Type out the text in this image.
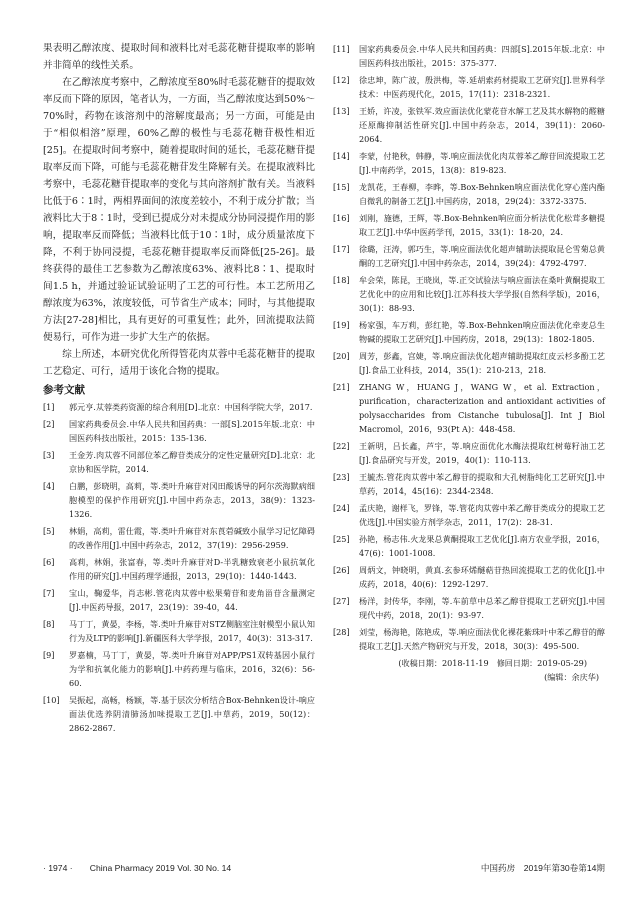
果表明乙醇浓度、提取时间和液料比对毛蕊花糖苷提取率的影响并非简单的线性关系。

在乙醇浓度考察中，乙醇浓度至80%时毛蕊花糖苷的提取效率反而下降的原因，笔者认为，一方面，当乙醇浓度达到50%～70%时，药物在该溶剂中的溶解度最高；另一方面，可能是由于“相似相溶”原理，60%乙醇的极性与毛蕊花糖苷极性相近[25]。在提取时间考察中，随着提取时间的延长，毛蕊花糖苷提取率反而下降，可能与毛蕊花糖苷发生降解有关。在提取液料比考察中，毛蕊花糖苷提取率的变化与其向溶剂扩散有关。当液料比低于6∶1时，两相界面间的浓度差较小，不利于成分扩散；当液料比大于8∶1时，受到已提成分对未提成分协同浸提作用的影响，提取率反而降低；当液料比低于10∶1时，成分质量浓度下降，不利于协同浸提，毛蕊花糖苷提取率反而降低[25-26]。最终获得的最佳工艺参数为乙醇浓度63%、液料比8∶1、提取时间1.5 h，并通过验证试验证明了工艺的可行性。本工艺所用乙醇浓度为63%，浓度较低，可节省生产成本；同时，与其他提取方法[27-28]相比，具有更好的可重复性；此外，回流提取法简便易行，可作为进一步扩大生产的依据。

综上所述，本研究优化所得管花肉苁蓉中毛蕊花糖苷的提取工艺稳定、可行，适用于该化合物的提取。

参考文献
[1]	郭元亨.苁蓉类药资源的综合利用[D].北京：中国科学院大学，2017.
[2]	国家药典委员会.中华人民共和国药典：一部[S].2015年版.北京：中国医药科技出版社，2015：135-136.
[3]	王金芳.肉苁蓉不同部位苯乙醇苷类成分的定性定量研究[D].北京：北京协和医学院，2014.
[4]	白鹏，彭晓明，高莉，等.类叶升麻苷对冈田酸诱导的阿尔茨海默病细胞模型的保护作用研究[J].中国中药杂志，2013，38(9)：1323-1326.
[5]	林娟，高莉，雷仕霞，等.类叶升麻苷对东莨菪碱致小鼠学习记忆障碍的改善作用[J].中国中药杂志，2012，37(19)：2956-2959.
[6]	高莉，林娟，张富春，等.类叶升麻苷对D-半乳糖致衰老小鼠抗氧化作用的研究[J].中国药理学通报，2013，29(10)：1440-1443.
[7]	宝山，鞠爱华，肖志彬.管花肉苁蓉中松果菊苷和麦角甾苷含量测定[J].中医药导报，2017，23(19)：39-40，44.
[8]	马丁丁，黄晏，李杨，等.类叶升麻苷对STZ侧脑室注射模型小鼠认知行为及LTP的影响[J].新疆医科大学学报，2017，40(3)：313-317.
[9]	罗嘉楠，马丁丁，黄晏，等.类叶升麻苷对APP/PS1双转基因小鼠行为学和抗氧化能力的影响[J].中药药理与临床，2016，32(6)：56-60.
[10]	吴振起，高畅，杨颖，等.基于层次分析结合Box-Behnken设计-响应面法优选养阴清肺汤加味提取工艺[J].中草药，2019，50(12)：2862-2867.
[11]	国家药典委员会.中华人民共和国药典：四部[S].2015年版.北京：中国医药科技出版社，2015：375-377.
[12]	徐忠坤，陈广波，殷洪梅，等.延胡索药材提取工艺研究[J].世界科学技术：中医药现代化，2015，17(11)：2318-2321.
[13]	王娇，许凌，张铁军.效应面法优化蒙花苷水解工艺及其水解物的醛糖还原酶抑制活性研究[J].中国中药杂志，2014，39(11)：2060-2064.
[14]	李蒙，付艳秋，韩静，等.响应面法优化肉苁蓉苯乙醇苷回流提取工艺[J].中南药学，2015，13(8)：819-823.
[15]	龙凯花，王春柳，李晔，等.Box-Behnken响应面法优化穿心莲内酯自微乳的制备工艺[J].中国药房，2018，29(24)：3372-3375.
[16]	刘刚，施德，王辉，等.Box-Behnken响应面分析法优化松茸多糖提取工艺[J].中华中医药学刊，2015，33(1)：18-20，24.
[17]	徐璐，汪涛，郭巧生，等.响应面法优化超声辅助法提取昆仑雪菊总黄酮的工艺研究[J].中国中药杂志，2014，39(24)：4792-4797.
[18]	牟会荣，陈昆，王晓岚，等.正交试验法与响应面法在桑叶黄酮提取工艺优化中的应用和比较[J].江苏科技大学学报(自然科学版)，2016，30(1)：88-93.
[19]	杨家强，车万莉，彭红艳，等.Box-Behnken响应面法优化牵麦总生物碱的提取工艺研究[J].中国药房，2018，29(13)：1802-1805.
[20]	周芳，彭鑫，宫婕，等.响应面法优化超声辅助提取红皮云杉多酚工艺[J].食品工业科技，2014，35(1)：210-213，218.
[21]	ZHANG W，HUANG J，WANG W，et al. Extraction，purification，characterization and antioxidant activities of polysaccharides from Cistanche tubulosa[J]. Int J Biol Macromol，2016，93(Pt A)：448-458.
[22]	王新明，吕长鑫，芦宇，等.响应面优化水酶法提取红树莓籽油工艺[J].食品研究与开发，2019，40(1)：110-113.
[23]	王毓杰.管花肉苁蓉中苯乙醇苷的提取和大孔树脂纯化工艺研究[J].中草药，2014，45(16)：2344-2348.
[24]	孟庆艳，谢样飞，罗锋，等.管花肉苁蓉中苯乙醇苷类成分的提取工艺优选[J].中国实验方剂学杂志，2011，17(2)：28-31.
[25]	孙艳，杨志伟.火龙果总黄酮提取工艺优化[J].南方农业学报，2016，47(6)：1001-1008.
[26]	周炳文，钟晓明，黄真.玄参环烯醚萜苷热回流提取工艺的优化[J].中成药，2018，40(6)：1292-1297.
[27]	杨洋，封传华，李刚，等.车前草中总苯乙醇苷提取工艺研究[J].中国现代中药，2018，20(1)：93-97.
[28]	刘莹，杨海艳，陈艳成，等.响应面法优化裸花紫珠叶中苯乙醇苷的醇提取工艺[J].天然产物研究与开发，2018，30(3)：495-500.
(收稿日期：2018-11-19　修回日期：2019-05-29)
(编辑：余庆华)
· 1974 ·　　China Pharmacy 2019 Vol. 30 No. 14	中国药房　2019年第30卷第14期
